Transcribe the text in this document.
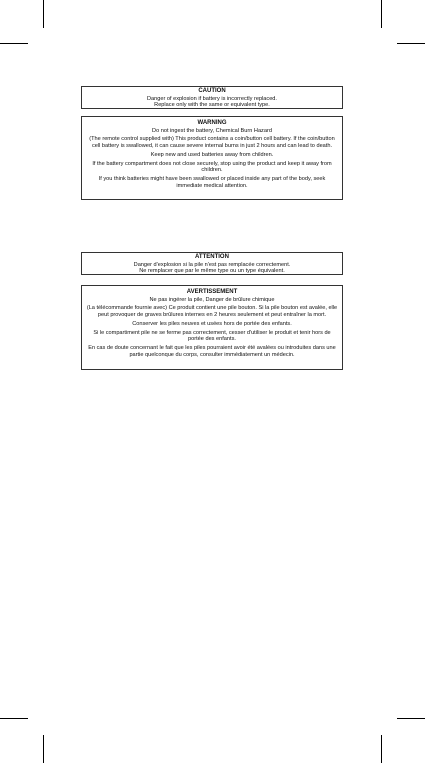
CAUTION
Danger of explosion if battery is incorrectly replaced.
Replace only with the same or equivalent type.
WARNING

Do not ingest the battery, Chemical Burn Hazard

(The remote control supplied with) This product contains a coin/button cell battery. If the coin/button cell battery is swallowed, it can cause severe internal burns in just 2 hours and can lead to death.

Keep new and used batteries away from children.

If the battery compartment does not close securely, stop using the product and keep it away from children.

If you think batteries might have been swallowed or placed inside any part of the body, seek immediate medical attention.

ATTENTION
Danger d'explosion si la pile n'est pas remplacée correctement.
Ne remplacer que par le même type ou un type équivalent.
AVERTISSEMENT

Ne pas ingérer la pile, Danger de brûlure chimique

(La télécommande fournie avec) Ce produit contient une pile bouton. Si la pile bouton est avalée, elle peut provoquer de graves brûlures internes en 2 heures seulement et peut entraîner la mort.

Conserver les piles neuves et usées hors de portée des enfants.

Si le compartiment pile ne se ferme pas correctement, cesser d'utiliser le produit et tenir hors de portée des enfants.

En cas de doute concernant le fait que les piles pourraient avoir été avalées ou introduites dans une partie quelconque du corps, consulter immédiatement un médecin.
